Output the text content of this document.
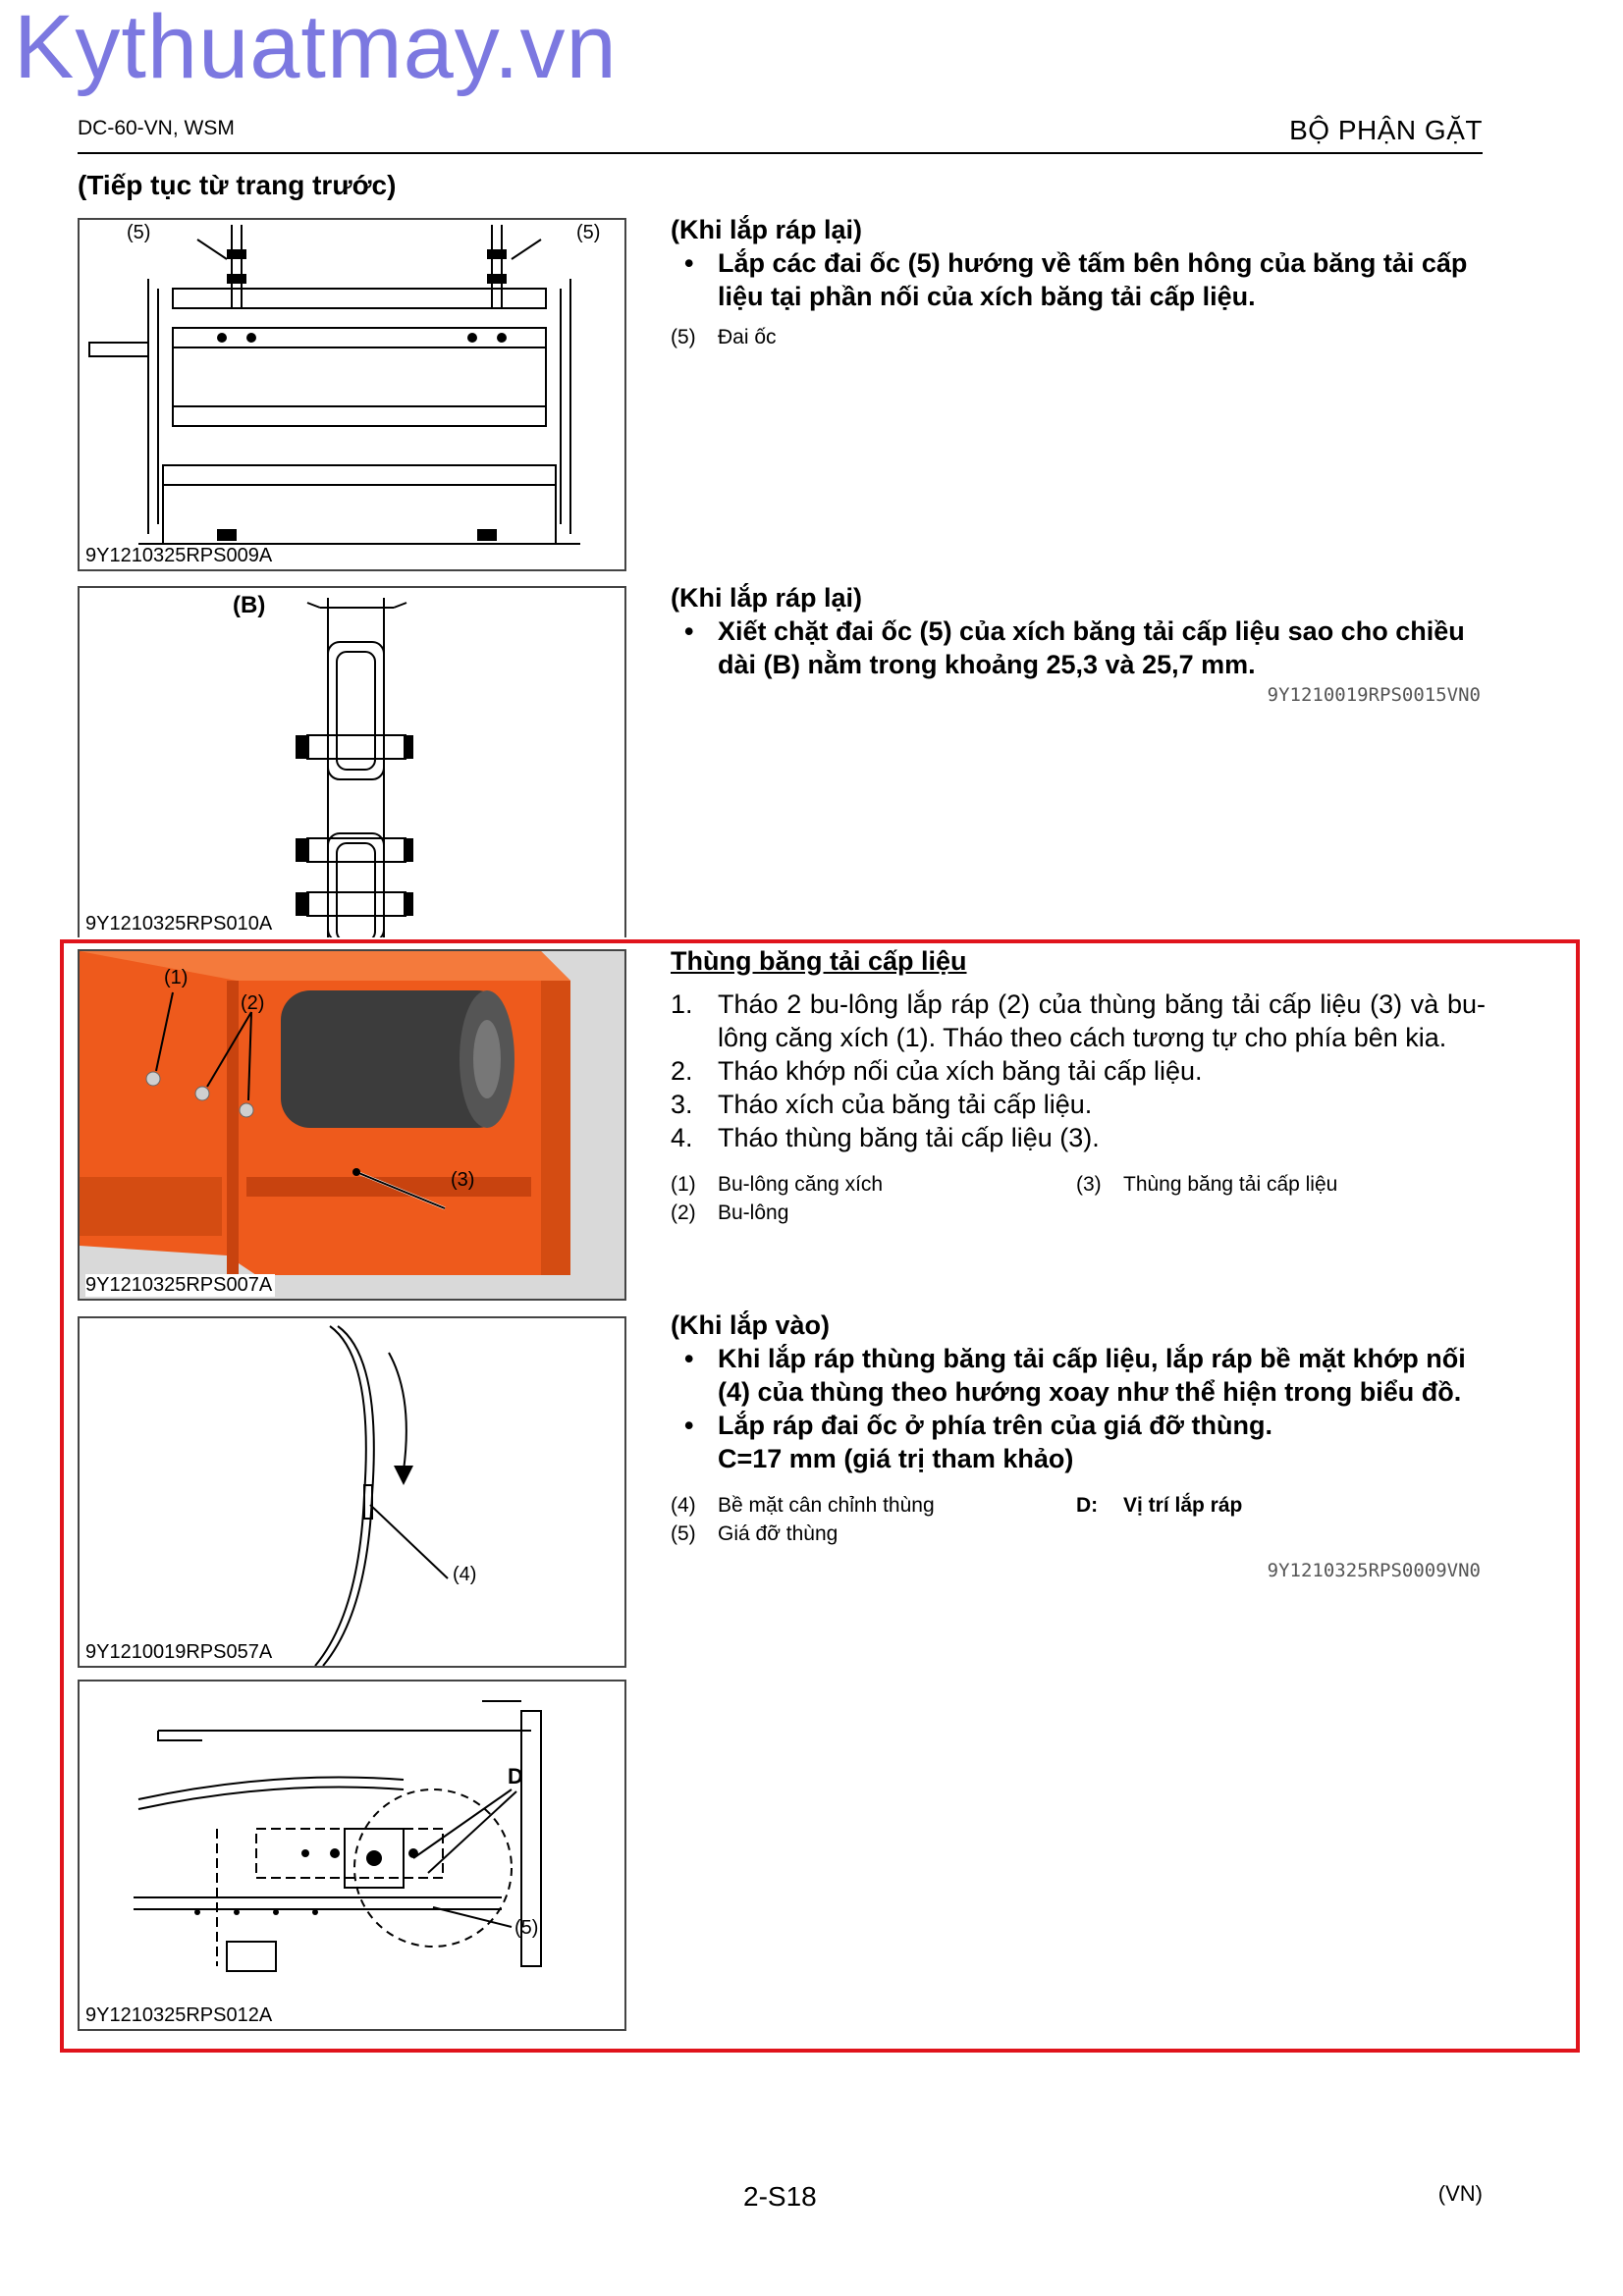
Kythuatmay.vn
DC-60-VN, WSM	BỘ PHẬN GẶT
(Tiếp tục từ trang trước)
(5)	(5)
9Y1210325RPS009A
(B)
9Y1210325RPS010A
(Khi lắp ráp lại)
• Lắp các đai ốc (5) hướng về tấm bên hông của băng tải cấp liệu tại phần nối của xích băng tải cấp liệu.
(5) Đai ốc
(Khi lắp ráp lại)
• Xiết chặt đai ốc (5) của xích băng tải cấp liệu sao cho chiều dài (B) nằm trong khoảng 25,3 và 25,7 mm.
9Y1210019RPS0015VN0
(1)
(2)
(3)
9Y1210325RPS007A
Thùng băng tải cấp liệu
1. Tháo 2 bu-lông lắp ráp (2) của thùng băng tải cấp liệu (3) và bu-lông căng xích (1). Tháo theo cách tương tự cho phía bên kia.
2. Tháo khớp nối của xích băng tải cấp liệu.
3. Tháo xích của băng tải cấp liệu.
4. Tháo thùng băng tải cấp liệu (3).
(1) Bu-lông căng xích
(2) Bu-lông
(3) Thùng băng tải cấp liệu
(4)
9Y1210019RPS057A
(Khi lắp vào)
• Khi lắp ráp thùng băng tải cấp liệu, lắp ráp bề mặt khớp nối (4) của thùng theo hướng xoay như thể hiện trong biểu đồ.
• Lắp ráp đai ốc ở phía trên của giá đỡ thùng.
C=17 mm (giá trị tham khảo)
(4) Bề mặt cân chỉnh thùng
(5) Giá đỡ thùng
D: Vị trí lắp ráp
9Y1210325RPS0009VN0
D
(5)
9Y1210325RPS012A
2-S18	(VN)
